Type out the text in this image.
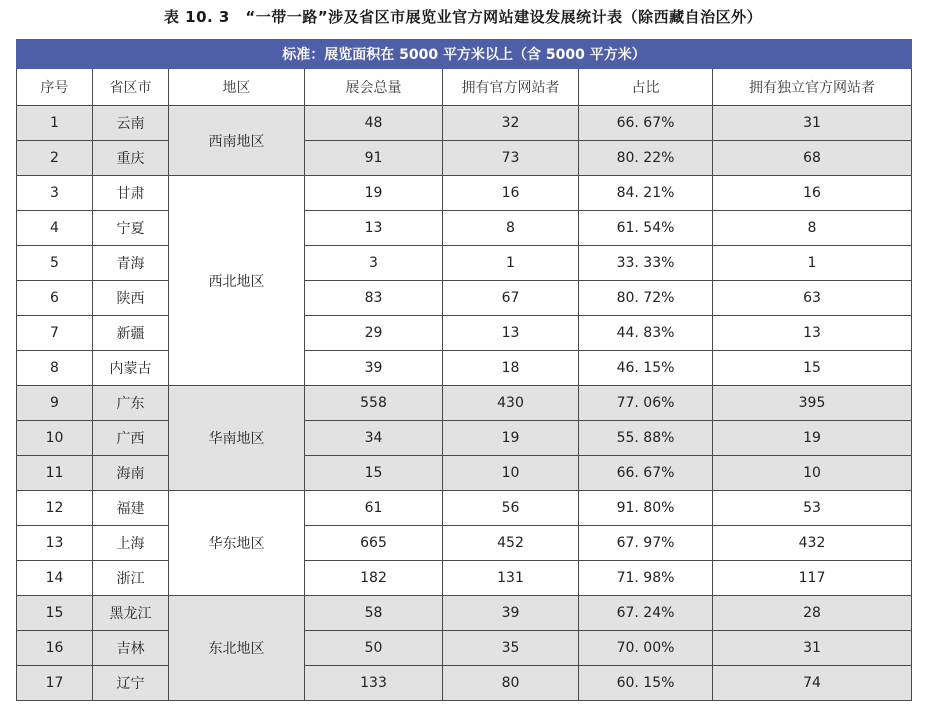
表 10. 3　“一带一路”涉及省区市展览业官方网站建设发展统计表（除西藏自治区外）
标准：展览面积在 5000 平方米以上（含 5000 平方米）						
序号	省区市	地区	展会总量	拥有官方网站者	占比	拥有独立官方网站者
1	云南	西南地区	48	32	66. 67%	31
2	重庆		91	73	80. 22%	68
3	甘肃	西北地区	19	16	84. 21%	16
4	宁夏		13	8	61. 54%	8
5	青海		3	1	33. 33%	1
6	陕西		83	67	80. 72%	63
7	新疆		29	13	44. 83%	13
8	内蒙古		39	18	46. 15%	15
9	广东	华南地区	558	430	77. 06%	395
10	广西		34	19	55. 88%	19
11	海南		15	10	66. 67%	10
12	福建	华东地区	61	56	91. 80%	53
13	上海		665	452	67. 97%	432
14	浙江		182	131	71. 98%	117
15	黑龙江	东北地区	58	39	67. 24%	28
16	吉林		50	35	70. 00%	31
17	辽宁		133	80	60. 15%	74
